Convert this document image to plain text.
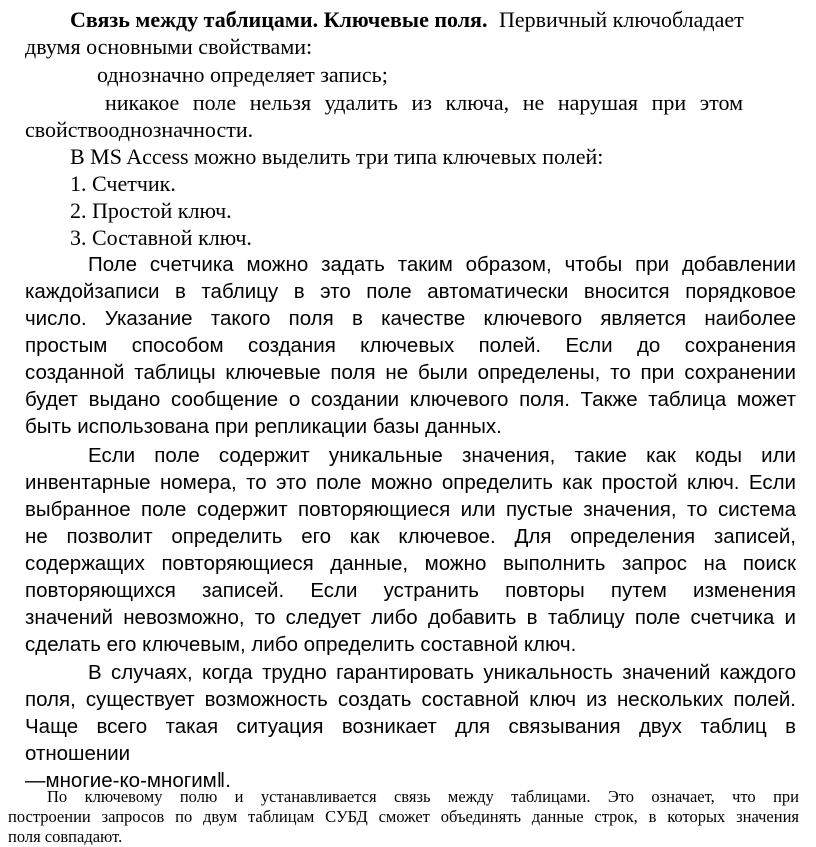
Связь между таблицами. Ключевые поля. Первичный ключобладает
двумя основными свойствами:
однозначно определяет запись;
никакое поле нельзя удалить из ключа, не нарушая при этом
свойствооднозначности.
В MS Access можно выделить три типа ключевых полей:
1. Счетчик.
2. Простой ключ.
3. Составной ключ.
Поле счетчика можно задать таким образом, чтобы при добавлении
каждойзаписи в таблицу в это поле автоматически вносится порядковое
число. Указание такого поля в качестве ключевого является наиболее
простым способом создания ключевых полей. Если до сохранения
созданной таблицы ключевые поля не были определены, то при сохранении
будет выдано сообщение о создании ключевого поля. Также таблица может
быть использована при репликации базы данных.
Если поле содержит уникальные значения, такие как коды или
инвентарные номера, то это поле можно определить как простой ключ. Если
выбранное поле содержит повторяющиеся или пустые значения, то система
не позволит определить его как ключевое. Для определения записей,
содержащих повторяющиеся данные, можно выполнить запрос на поиск
повторяющихся записей. Если устранить повторы путем изменения
значений невозможно, то следует либо добавить в таблицу поле счетчика и
сделать его ключевым, либо определить составной ключ.
В случаях, когда трудно гарантировать уникальность значений каждого
поля, существует возможность создать составной ключ из нескольких полей.
Чаще всего такая ситуация возникает для связывания двух таблиц в
отношении
―многие-ко-многим‖.
По ключевому полю и устанавливается связь между таблицами. Это означает, что при
построении запросов по двум таблицам СУБД сможет объединять данные строк, в которых значения
поля совпадают.
